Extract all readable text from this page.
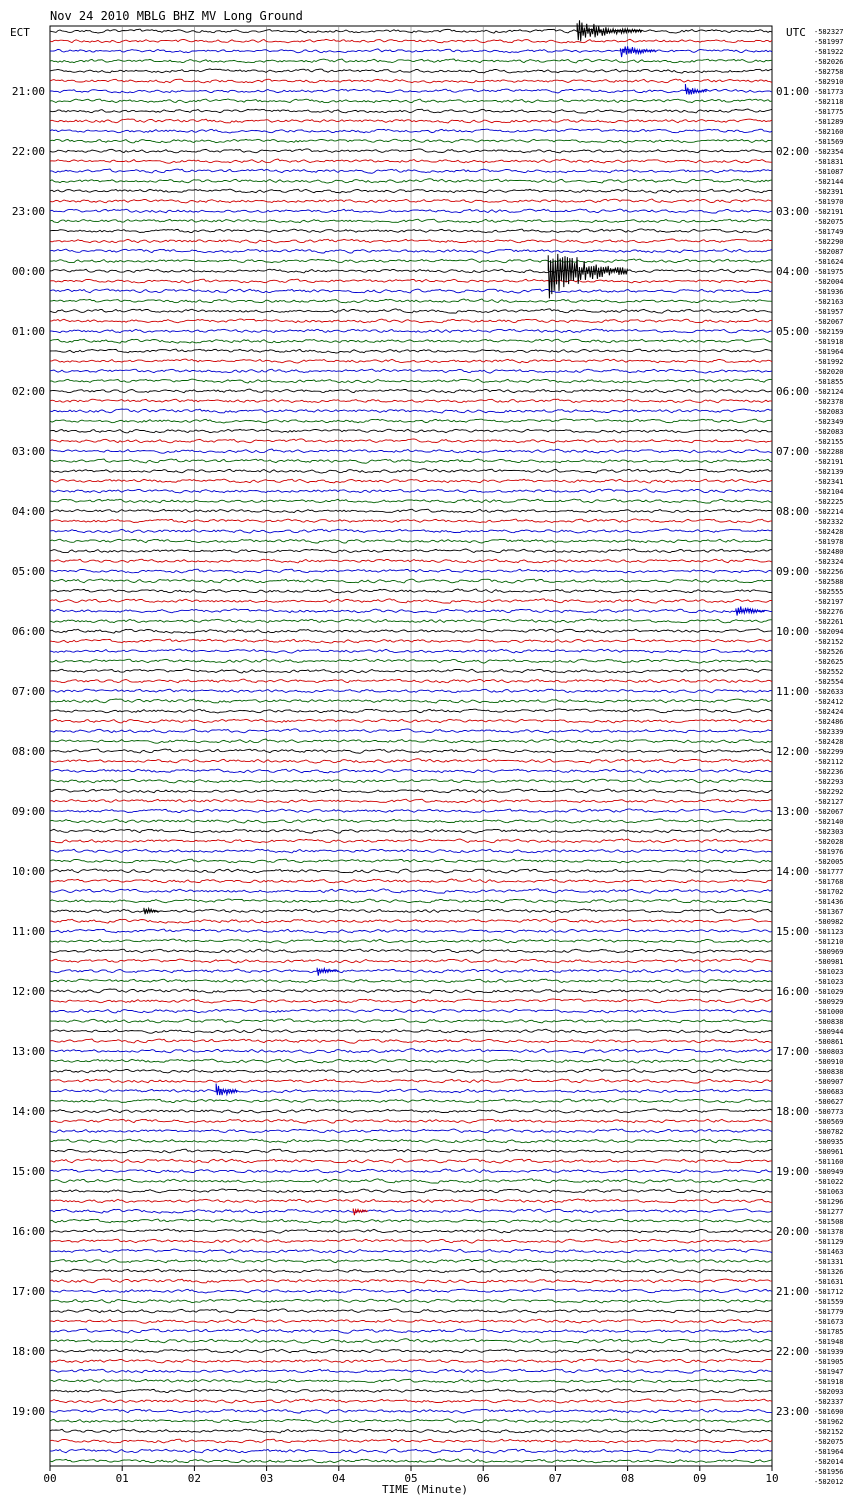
Nov 24 2010 MBLG BHZ MV Long Ground
ECT	UTC
TIME (Minute)
00	01	02	03	04	05	06	07	08	09	10
21:00
22:00
23:00
00:00
01:00
02:00
03:00
04:00
05:00
06:00
07:00
08:00
09:00
10:00
11:00
12:00
13:00
14:00
15:00
16:00
17:00
18:00
19:00
01:00
02:00
03:00
04:00
05:00
06:00
07:00
08:00
09:00
10:00
11:00
12:00
13:00
14:00
15:00
16:00
17:00
18:00
19:00
20:00
21:00
22:00
23:00
-582327
-581997
-581922
-582026
-582758
-582910
-581773
-582118
-581775
-581289
-582160
-581569
-582354
-581831
-581087
-582144
-582391
-581970
-582191
-582075
-581749
-582290
-582087
-581624
-581975
-582004
-581936
-582163
-581957
-582067
-582159
-581918
-581964
-581992
-582020
-581855
-582124
-582378
-582083
-582349
-582083
-582155
-582288
-582191
-582139
-582341
-582104
-582225
-582214
-582332
-582428
-581978
-582480
-582324
-582256
-582588
-582555
-582197
-582276
-582261
-582094
-582152
-582526
-582625
-582552
-582554
-582633
-582412
-582424
-582486
-582339
-582428
-582299
-582112
-582236
-582293
-582292
-582127
-582067
-582140
-582303
-582028
-581976
-582005
-581777
-581768
-581702
-581436
-581367
-580982
-581123
-581210
-580969
-580981
-581023
-581023
-581029
-580929
-581000
-580838
-580944
-580861
-580803
-580910
-580838
-580907
-580683
-580627
-580773
-580569
-580782
-580935
-580961
-581160
-580949
-581022
-581063
-581296
-581277
-581508
-581378
-581129
-581463
-581331
-581326
-581631
-581712
-581559
-581779
-581673
-581785
-581948
-581939
-581905
-581947
-581918
-582093
-582337
-581690
-581962
-582152
-582075
-581964
-582014
-581956
-582012
